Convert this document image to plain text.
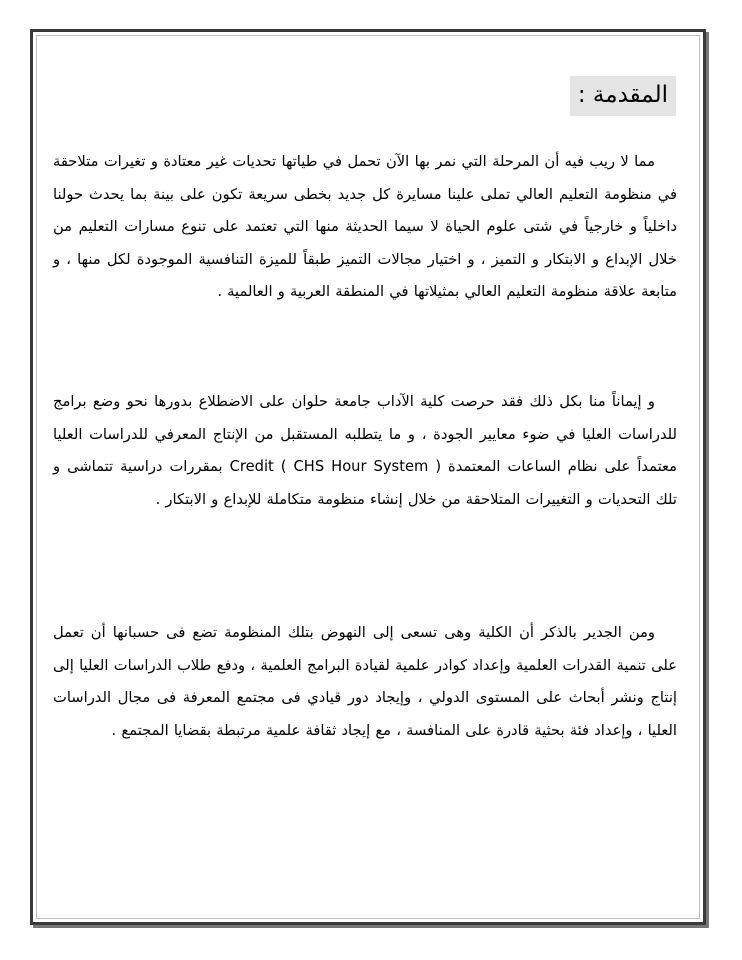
المقدمة :

مما لا ريب فيه أن المرحلة التي نمر بها الآن تحمل في طياتها تحديات غير معتادة و تغيرات متلاحقة في منظومة التعليم العالي تملى علينا مسايرة كل جديد بخطى سريعة تكون على بينة بما يحدث حولنا داخلياً و خارجياً في شتى علوم الحياة لا سيما الحديثة منها التي تعتمد على تنوع مسارات التعليم من خلال الإبداع و الابتكار و التميز ، و اختيار مجالات التميز طبقاً للميزة التنافسية الموجودة لكل منها ، و متابعة علاقة منظومة التعليم العالي بمثيلاتها في المنطقة العربية و العالمية .

و إيماناً منا بكل ذلك فقد حرصت كلية الآداب جامعة حلوان على الاضطلاع بدورها نحو وضع برامج للدراسات العليا في ضوء معايير الجودة ، و ما يتطلبه المستقبل من الإنتاج المعرفي للدراسات العليا معتمداً على نظام الساعات المعتمدة ( Credit ( CHS Hour System بمقررات دراسية تتماشى و تلك التحديات و التغييرات المتلاحقة من خلال إنشاء منظومة متكاملة للإبداع و الابتكار .

ومن الجدير بالذكر أن الكلية وهى تسعى إلى النهوض بتلك المنظومة تضع فى حسبانها أن تعمل على تنمية القدرات العلمية وإعداد كوادر علمية لقيادة البرامج العلمية ، ودفع طلاب الدراسات العليا إلى إنتاج ونشر أبحاث على المستوى الدولي ، وإيجاد دور قيادي فى مجتمع المعرفة فى مجال الدراسات العليا ، وإعداد فئة بحثية قادرة على المنافسة ، مع إيجاد ثقافة علمية مرتبطة بقضايا المجتمع .
